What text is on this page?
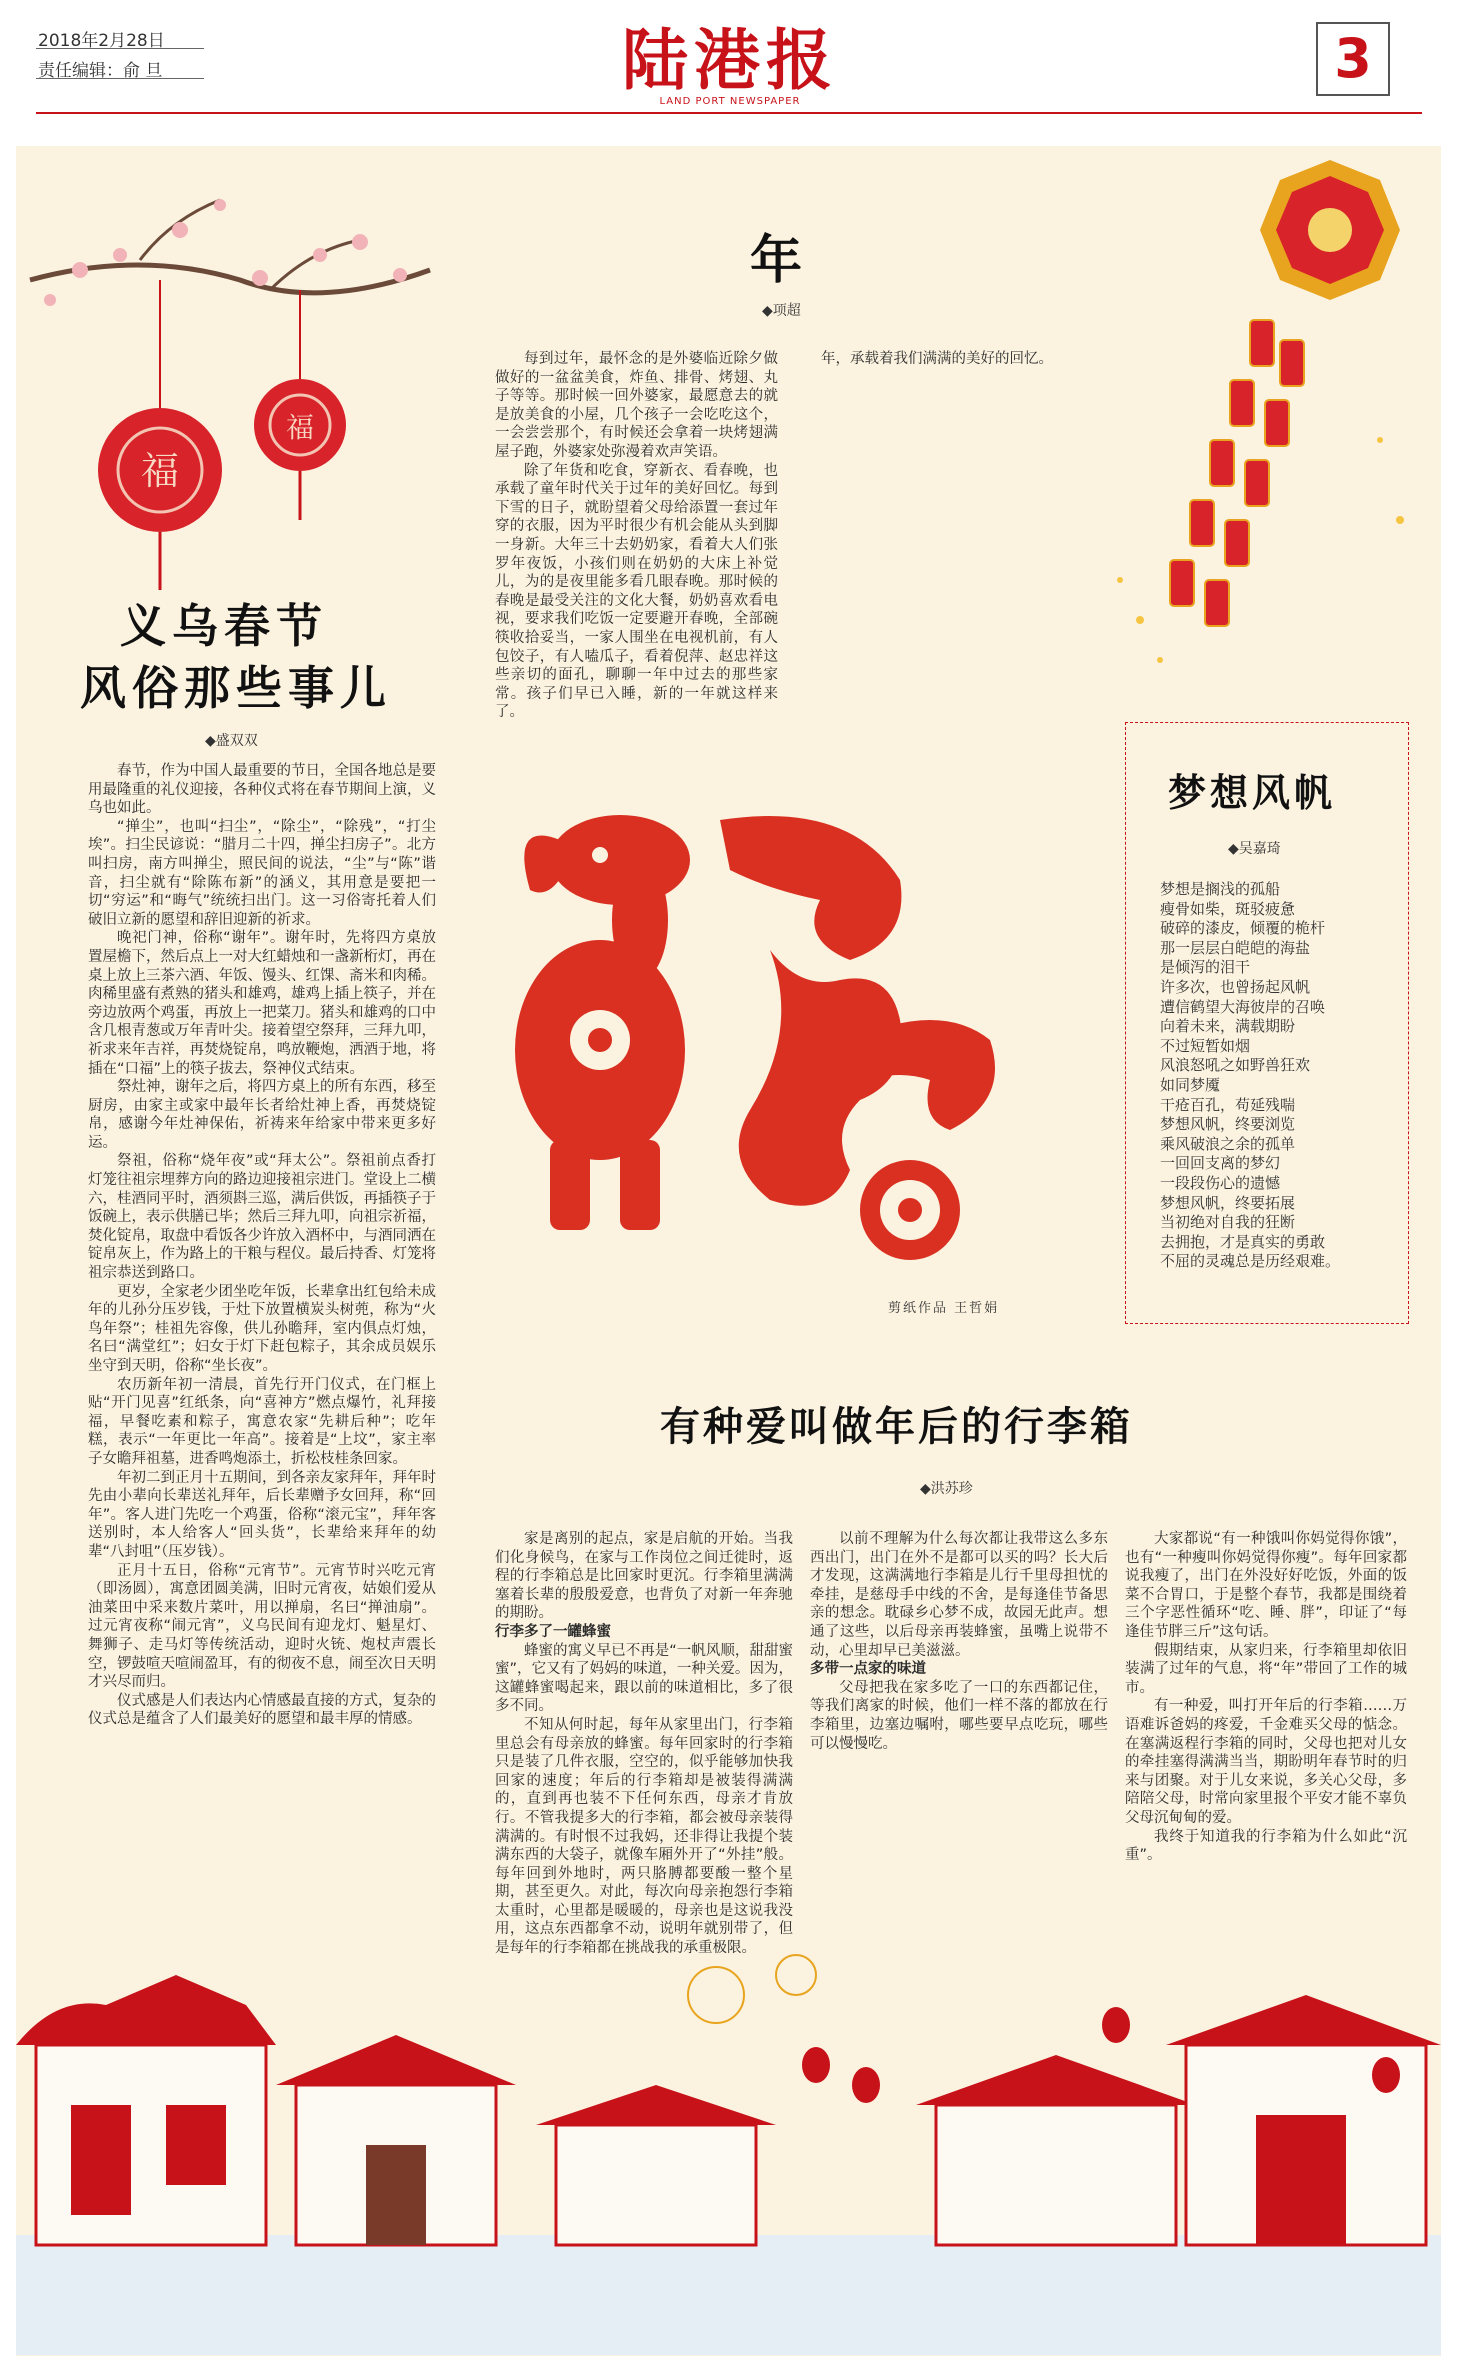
2018年2月28日
责任编辑：俞 旦	陆港报
LAND PORT NEWSPAPER
3
福
福
年
◆项超

每到过年，最怀念的是外婆临近除夕做做好的一盆盆美食，炸鱼、排骨、烤翅、丸子等等。那时候一回外婆家，最愿意去的就是放美食的小屋，几个孩子一会吃吃这个，一会尝尝那个，有时候还会拿着一块烤翅满屋子跑，外婆家处弥漫着欢声笑语。

除了年货和吃食，穿新衣、看春晚，也承载了童年时代关于过年的美好回忆。每到下雪的日子，就盼望着父母给添置一套过年穿的衣服，因为平时很少有机会能从头到脚一身新。大年三十去奶奶家，看着大人们张罗年夜饭，小孩们则在奶奶的大床上补觉儿，为的是夜里能多看几眼春晚。那时候的春晚是最受关注的文化大餐，奶奶喜欢看电视，要求我们吃饭一定要避开春晚，全部碗筷收拾妥当，一家人围坐在电视机前，有人包饺子，有人嗑瓜子，看着倪萍、赵忠祥这些亲切的面孔，聊聊一年中过去的那些家常。孩子们早已入睡，新的一年就这样来了。

年，承载着我们满满的美好的回忆。

义乌春节
风俗那些事儿
◆盛双双

春节，作为中国人最重要的节日，全国各地总是要用最隆重的礼仪迎接，各种仪式将在春节期间上演，义乌也如此。

“掸尘”，也叫“扫尘”，“除尘”，“除残”，“打尘埃”。扫尘民谚说：“腊月二十四，掸尘扫房子”。北方叫扫房，南方叫掸尘，照民间的说法，“尘”与“陈”谐音，扫尘就有“除陈布新”的涵义，其用意是要把一切“穷运”和“晦气”统统扫出门。这一习俗寄托着人们破旧立新的愿望和辞旧迎新的祈求。

晚祀门神，俗称“谢年”。谢年时，先将四方桌放置屋檐下，然后点上一对大红蜡烛和一盏新桁灯，再在桌上放上三茶六酒、年饭、馒头、红馃、斋米和肉稀。肉稀里盛有煮熟的猪头和雄鸡，雄鸡上插上筷子，并在旁边放两个鸡蛋，再放上一把菜刀。猪头和雄鸡的口中含几根青葱或万年青叶尖。接着望空祭拜，三拜九叩，祈求来年吉祥，再焚烧锭帛，鸣放鞭炮，洒酒于地，将插在“口福”上的筷子拔去，祭神仪式结束。

祭灶神，谢年之后，将四方桌上的所有东西，移至厨房，由家主或家中最年长者给灶神上香，再焚烧锭帛，感谢今年灶神保佑，祈祷来年给家中带来更多好运。

祭祖，俗称“烧年夜”或“拜太公”。祭祖前点香打灯笼往祖宗埋葬方向的路边迎接祖宗进门。堂设上二横六，桂酒同平时，酒须斟三巡，满后供饭，再插筷子于饭碗上，表示供膳已毕；然后三拜九叩，向祖宗祈福，焚化锭帛，取盘中看饭各少许放入酒杯中，与酒同洒在锭帛灰上，作为路上的干粮与程仪。最后持香、灯笼将祖宗恭送到路口。

更岁，全家老少团坐吃年饭，长辈拿出红包给未成年的儿孙分压岁钱，于灶下放置横炭头树蔸，称为“火鸟年祭”；桂祖先容像，供儿孙瞻拜，室内俱点灯烛，名曰“满堂红”；妇女于灯下赶包粽子，其余成员娱乐坐守到天明，俗称“坐长夜”。

农历新年初一清晨，首先行开门仪式，在门框上贴“开门见喜”红纸条，向“喜神方”燃点爆竹，礼拜接福，早餐吃素和粽子，寓意农家“先耕后种”；吃年糕，表示“一年更比一年高”。接着是“上坟”，家主率子女瞻拜祖墓，进香鸣炮添土，折松枝桂条回家。

年初二到正月十五期间，到各亲友家拜年，拜年时先由小辈向长辈送礼拜年，后长辈赠予女回拜，称“回年”。客人进门先吃一个鸡蛋，俗称“滚元宝”，拜年客送别时，本人给客人“回头货”，长辈给来拜年的幼辈“八封咀”（压岁钱）。

正月十五日，俗称“元宵节”。元宵节时兴吃元宵（即汤圆），寓意团圆美满，旧时元宵夜，姑娘们爱从油菜田中采来数片菜叶，用以掸扇，名曰“掸油扇”。过元宵夜称“闹元宵”，义乌民间有迎龙灯、魁星灯、舞狮子、走马灯等传统活动，迎时火铳、炮杖声震长空，锣鼓喧天喧闹盈耳，有的彻夜不息，闹至次日天明才兴尽而归。

仪式感是人们表达内心情感最直接的方式，复杂的仪式总是蕴含了人们最美好的愿望和最丰厚的情感。

剪纸作品 王哲娟
梦想风帆
◆吴嘉琦
梦想是搁浅的孤船
瘦骨如柴，斑驳疲惫
破碎的漆皮，倾覆的桅杆
那一层层白皑皑的海盐
是倾泻的泪干
许多次，也曾扬起风帆
遭信鹤望大海彼岸的召唤
向着未来，满载期盼
不过短暂如烟
风浪怒吼之如野兽狂欢
如同梦魇
干疮百孔，苟延残喘
梦想风帆，终要浏览
乘风破浪之余的孤单
一回回支离的梦幻
一段段伤心的遗憾
梦想风帆，终要拓展
当初绝对自我的狂断
去拥抱，才是真实的勇敢
不屈的灵魂总是历经艰难。
有种爱叫做年后的行李箱
◆洪苏珍

家是离别的起点，家是启航的开始。当我们化身候鸟，在家与工作岗位之间迁徙时，返程的行李箱总是比回家时更沉。行李箱里满满塞着长辈的殷殷爱意，也背负了对新一年奔驰的期盼。

行李多了一罐蜂蜜

蜂蜜的寓义早已不再是“一帆风顺，甜甜蜜蜜”，它又有了妈妈的味道，一种关爱。因为，这罐蜂蜜喝起来，跟以前的味道相比，多了很多不同。

不知从何时起，每年从家里出门，行李箱里总会有母亲放的蜂蜜。每年回家时的行李箱只是装了几件衣服，空空的，似乎能够加快我回家的速度；年后的行李箱却是被装得满满的，直到再也装不下任何东西，母亲才肯放行。不管我提多大的行李箱，都会被母亲装得满满的。有时恨不过我妈，还非得让我提个装满东西的大袋子，就像车厢外开了“外挂”般。每年回到外地时，两只胳膊都要酸一整个星期，甚至更久。对此，每次向母亲抱怨行李箱太重时，心里都是暖暖的，母亲也是这说我没用，这点东西都拿不动，说明年就别带了，但是每年的行李箱都在挑战我的承重极限。

以前不理解为什么每次都让我带这么多东西出门，出门在外不是都可以买的吗？长大后才发现，这满满地行李箱是儿行千里母担忧的牵挂，是慈母手中线的不舍，是每逢佳节备思亲的想念。耽碌乡心梦不成，故园无此声。想通了这些，以后母亲再装蜂蜜，虽嘴上说带不动，心里却早已美滋滋。

多带一点家的味道

父母把我在家多吃了一口的东西都记住，等我们离家的时候，他们一样不落的都放在行李箱里，边塞边嘱咐，哪些要早点吃玩，哪些可以慢慢吃。

大家都说“有一种饿叫你妈觉得你饿”，也有“一种瘦叫你妈觉得你瘦”。每年回家都说我瘦了，出门在外没好好吃饭，外面的饭菜不合胃口，于是整个春节，我都是围绕着三个字恶性循环“吃、睡、胖”，印证了“每逢佳节胖三斤”这句话。

假期结束，从家归来，行李箱里却依旧装满了过年的气息，将“年”带回了工作的城市。

有一种爱，叫打开年后的行李箱……万语难诉爸妈的疼爱，千金难买父母的惦念。在塞满返程行李箱的同时，父母也把对儿女的牵挂塞得满满当当，期盼明年春节时的归来与团聚。对于儿女来说，多关心父母，多陪陪父母，时常向家里报个平安才能不辜负父母沉甸甸的爱。

我终于知道我的行李箱为什么如此“沉重”。
